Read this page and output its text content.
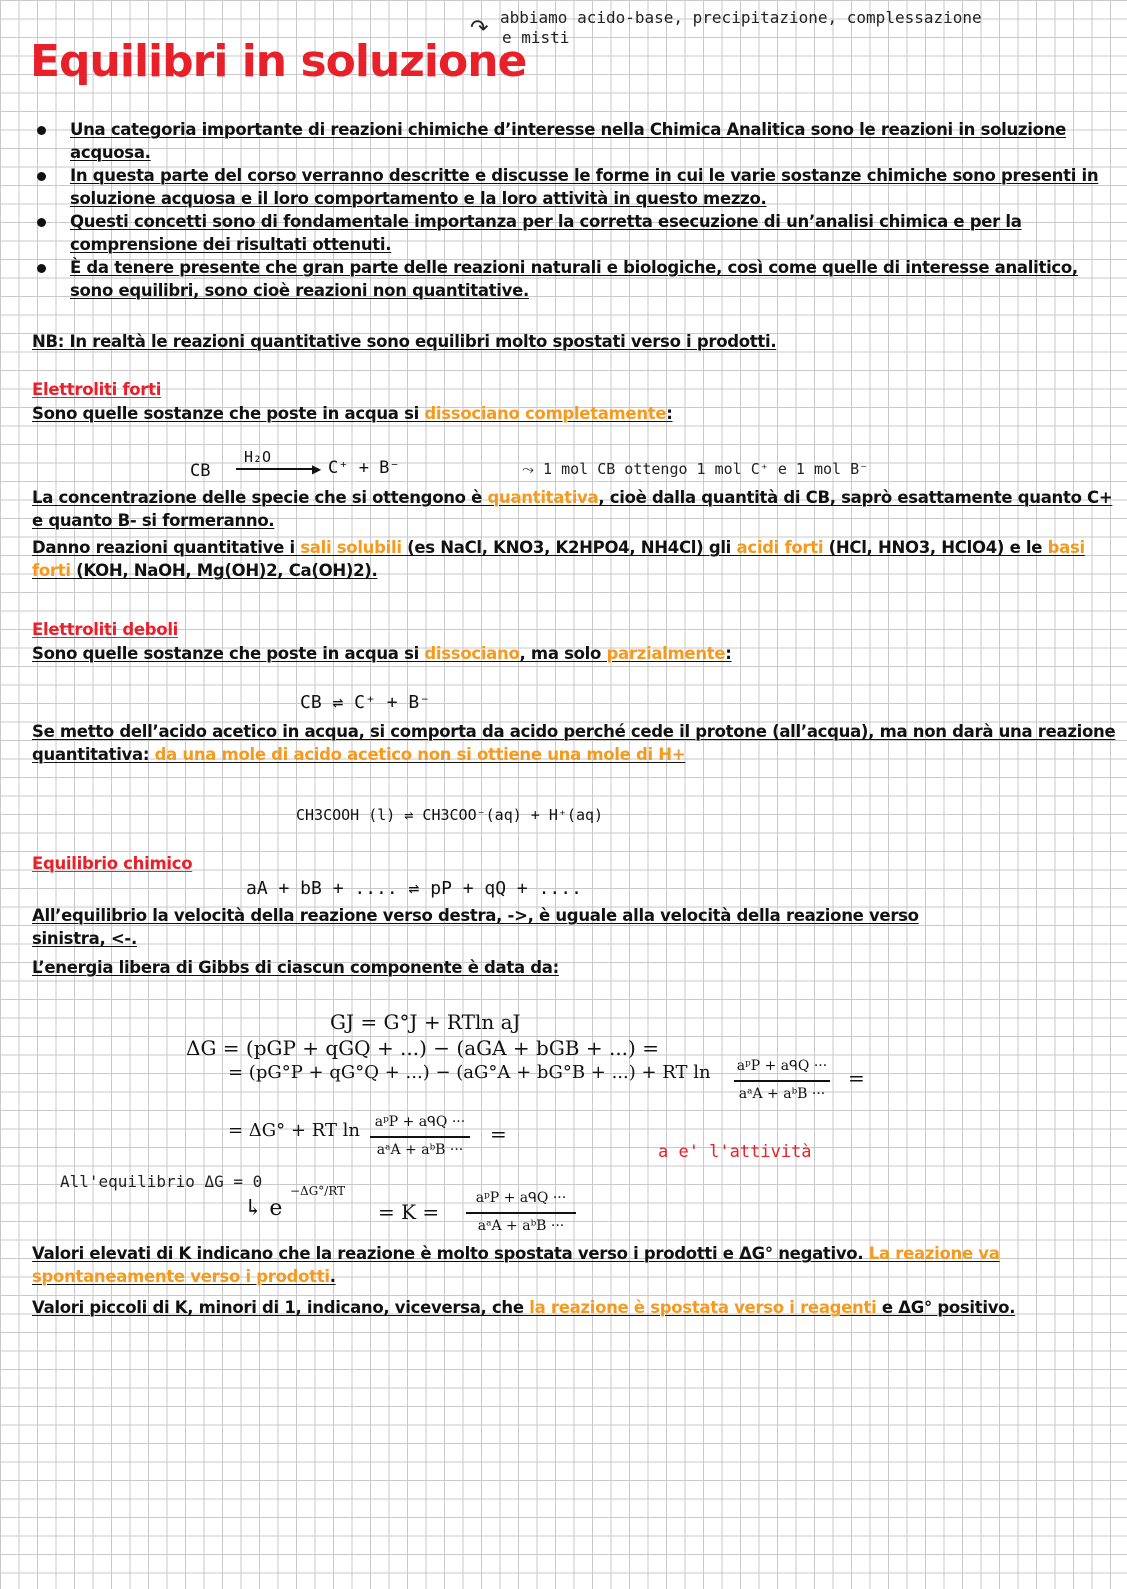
Equilibri in soluzione
↷ abbiamo acido-base, precipitazione, complessazione
e misti
Una categoria importante di reazioni chimiche d’interesse nella Chimica Analitica sono le reazioni in soluzione acquosa.
In questa parte del corso verranno descritte e discusse le forme in cui le varie sostanze chimiche sono presenti in soluzione acquosa e il loro comportamento e la loro attività in questo mezzo.
Questi concetti sono di fondamentale importanza per la corretta esecuzione di un’analisi chimica e per la comprensione dei risultati ottenuti.
È da tenere presente che gran parte delle reazioni naturali e biologiche, così come quelle di interesse analitico, sono equilibri, sono cioè reazioni non quantitative.
NB: In realtà le reazioni quantitative sono equilibri molto spostati verso i prodotti.
Elettroliti forti
Sono quelle sostanze che poste in acqua si dissociano completamente:
CB
H₂O
▶ C⁺ + B⁻	⤳ 1 mol CB ottengo 1 mol C⁺ e 1 mol B⁻
La concentrazione delle specie che si ottengono è quantitativa, cioè dalla quantità di CB, saprò esattamente quanto C+ e quanto B- si formeranno.
Danno reazioni quantitative i sali solubili (es NaCl, KNO3, K2HPO4, NH4Cl) gli acidi forti (HCl, HNO3, HClO4) e le basi forti (KOH, NaOH, Mg(OH)2, Ca(OH)2).
Elettroliti deboli
Sono quelle sostanze che poste in acqua si dissociano, ma solo parzialmente:
CB ⇌ C⁺ + B⁻
Se metto dell’acido acetico in acqua, si comporta da acido perché cede il protone (all’acqua), ma non darà una reazione quantitativa: da una mole di acido acetico non si ottiene una mole di H+
CH3COOH (l) ⇌ CH3COO⁻(aq) + H⁺(aq)
Equilibrio chimico
aA + bB + .... ⇌ pP + qQ + ....
All’equilibrio la velocità della reazione verso destra, ->, è uguale alla velocità della reazione verso sinistra, <-.
L’energia libera di Gibbs di ciascun componente è data da:
GJ = G°J + RTln aJ
ΔG = (pGP + qGQ + ...) − (aGA + bGB + ...) =
= (pG°P + qG°Q + ...) − (aG°A + bG°B + ...) + RT ln aᵖP + aᑫQ ···
aᵃA + aᵇB ···
=
= ΔG° + RT ln	aᵖP + aᑫQ ···
aᵃA + aᵇB ···
=
a e' l'attività
All'equilibrio ΔG = 0
↳ e
−ΔG°/RT
= K =
aᵖP + aᑫQ ···
aᵃA + aᵇB ···
Valori elevati di K indicano che la reazione è molto spostata verso i prodotti e ΔG° negativo. La reazione va spontaneamente verso i prodotti.
Valori piccoli di K, minori di 1, indicano, viceversa, che la reazione è spostata verso i reagenti e ΔG° positivo.
